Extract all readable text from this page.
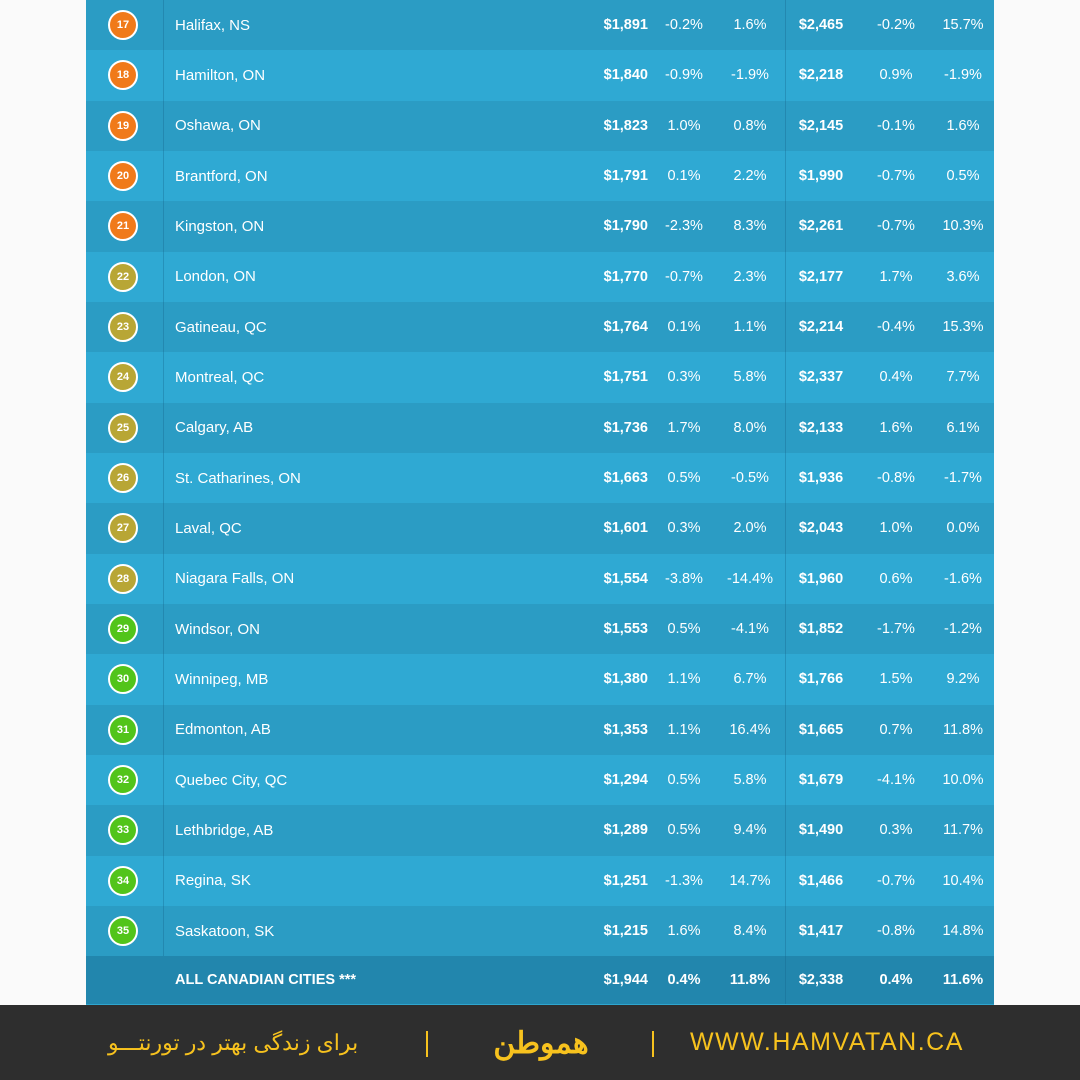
17	Halifax, NS	$1,891	-0.2%	1.6%	$2,465	-0.2%	15.7%
18	Hamilton, ON	$1,840	-0.9%	-1.9%	$2,218	0.9%	-1.9%
19	Oshawa, ON	$1,823	1.0%	0.8%	$2,145	-0.1%	1.6%
20	Brantford, ON	$1,791	0.1%	2.2%	$1,990	-0.7%	0.5%
21	Kingston, ON	$1,790	-2.3%	8.3%	$2,261	-0.7%	10.3%
22	London, ON	$1,770	-0.7%	2.3%	$2,177	1.7%	3.6%
23	Gatineau, QC	$1,764	0.1%	1.1%	$2,214	-0.4%	15.3%
24	Montreal, QC	$1,751	0.3%	5.8%	$2,337	0.4%	7.7%
25	Calgary, AB	$1,736	1.7%	8.0%	$2,133	1.6%	6.1%
26	St. Catharines, ON	$1,663	0.5%	-0.5%	$1,936	-0.8%	-1.7%
27	Laval, QC	$1,601	0.3%	2.0%	$2,043	1.0%	0.0%
28	Niagara Falls, ON	$1,554	-3.8%	-14.4%	$1,960	0.6%	-1.6%
29	Windsor, ON	$1,553	0.5%	-4.1%	$1,852	-1.7%	-1.2%
30	Winnipeg, MB	$1,380	1.1%	6.7%	$1,766	1.5%	9.2%
31	Edmonton, AB	$1,353	1.1%	16.4%	$1,665	0.7%	11.8%
32	Quebec City, QC	$1,294	0.5%	5.8%	$1,679	-4.1%	10.0%
33	Lethbridge, AB	$1,289	0.5%	9.4%	$1,490	0.3%	11.7%
34	Regina, SK	$1,251	-1.3%	14.7%	$1,466	-0.7%	10.4%
35	Saskatoon, SK	$1,215	1.6%	8.4%	$1,417	-0.8%	14.8%
ALL CANADIAN CITIES ***	$1,944	0.4%	11.8%	$2,338	0.4%	11.6%
برای زندگی بهتر در تورنتـــو	هموطن	WWW.HAMVATAN.CA
